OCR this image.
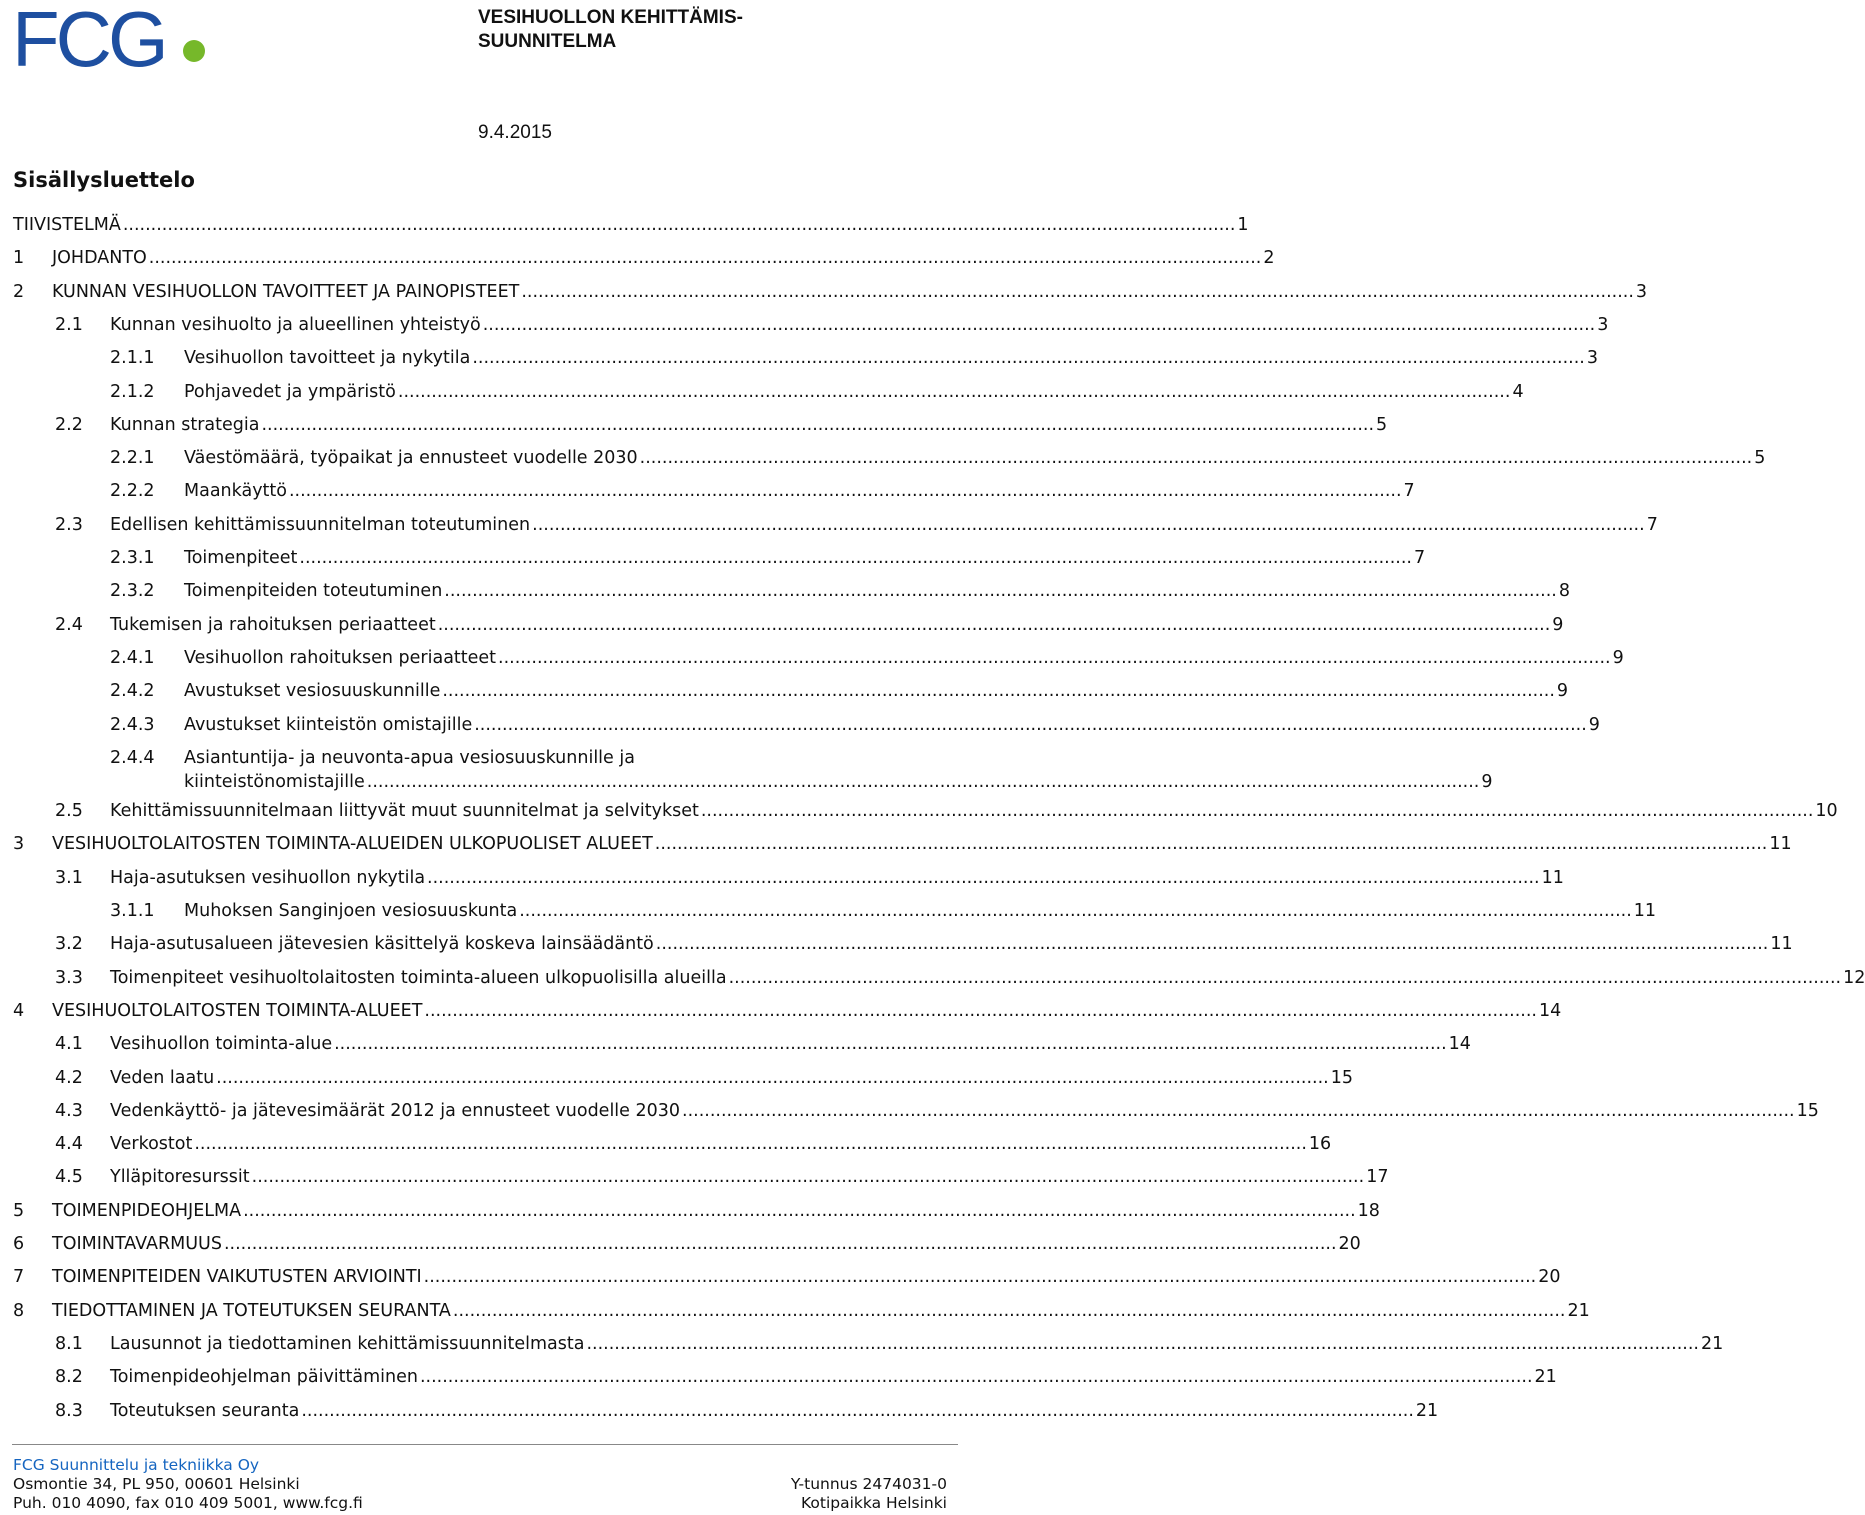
FCG	VESIHUOLLON KEHITTÄMIS-
SUUNNITELMA
9.4.2015
Sisällysluettelo
TIIVISTELMÄ ........................................................................................................................................................................................................ 1
1 JOHDANTO ........................................................................................................................................................................................................ 2
2 KUNNAN VESIHUOLLON TAVOITTEET JA PAINOPISTEET ........................................................................................................................................................................................................ 3
2.1 Kunnan vesihuolto ja alueellinen yhteistyö ........................................................................................................................................................................................................ 3
2.1.1 Vesihuollon tavoitteet ja nykytila ........................................................................................................................................................................................................ 3
2.1.2 Pohjavedet ja ympäristö ........................................................................................................................................................................................................ 4
2.2 Kunnan strategia ........................................................................................................................................................................................................ 5
2.2.1 Väestömäärä, työpaikat ja ennusteet vuodelle 2030 ........................................................................................................................................................................................................ 5
2.2.2 Maankäyttö ........................................................................................................................................................................................................ 7
2.3 Edellisen kehittämissuunnitelman toteutuminen ........................................................................................................................................................................................................ 7
2.3.1 Toimenpiteet ........................................................................................................................................................................................................ 7
2.3.2 Toimenpiteiden toteutuminen ........................................................................................................................................................................................................ 8
2.4 Tukemisen ja rahoituksen periaatteet ........................................................................................................................................................................................................ 9
2.4.1 Vesihuollon rahoituksen periaatteet ........................................................................................................................................................................................................ 9
2.4.2 Avustukset vesiosuuskunnille ........................................................................................................................................................................................................ 9
2.4.3 Avustukset kiinteistön omistajille ........................................................................................................................................................................................................ 9
2.4.4 Asiantuntija- ja neuvonta-apua vesiosuuskunnille ja
kiinteistönomistajille ........................................................................................................................................................................................................ 9
2.5 Kehittämissuunnitelmaan liittyvät muut suunnitelmat ja selvitykset ........................................................................................................................................................................................................ 10
3 VESIHUOLTOLAITOSTEN TOIMINTA-ALUEIDEN ULKOPUOLISET ALUEET ........................................................................................................................................................................................................ 11
3.1 Haja-asutuksen vesihuollon nykytila ........................................................................................................................................................................................................ 11
3.1.1 Muhoksen Sanginjoen vesiosuuskunta ........................................................................................................................................................................................................ 11
3.2 Haja-asutusalueen jätevesien käsittelyä koskeva lainsäädäntö ........................................................................................................................................................................................................ 11
3.3 Toimenpiteet vesihuoltolaitosten toiminta-alueen ulkopuolisilla alueilla ........................................................................................................................................................................................................ 12
4 VESIHUOLTOLAITOSTEN TOIMINTA-ALUEET ........................................................................................................................................................................................................ 14
4.1 Vesihuollon toiminta-alue ........................................................................................................................................................................................................ 14
4.2 Veden laatu ........................................................................................................................................................................................................ 15
4.3 Vedenkäyttö- ja jätevesimäärät 2012 ja ennusteet vuodelle 2030 ........................................................................................................................................................................................................ 15
4.4 Verkostot ........................................................................................................................................................................................................ 16
4.5 Ylläpitoresurssit ........................................................................................................................................................................................................ 17
5 TOIMENPIDEOHJELMA ........................................................................................................................................................................................................ 18
6 TOIMINTAVARMUUS ........................................................................................................................................................................................................ 20
7 TOIMENPITEIDEN VAIKUTUSTEN ARVIOINTI ........................................................................................................................................................................................................ 20
8 TIEDOTTAMINEN JA TOTEUTUKSEN SEURANTA ........................................................................................................................................................................................................ 21
8.1 Lausunnot ja tiedottaminen kehittämissuunnitelmasta ........................................................................................................................................................................................................ 21
8.2 Toimenpideohjelman päivittäminen ........................................................................................................................................................................................................ 21
8.3 Toteutuksen seuranta ........................................................................................................................................................................................................ 21
FCG Suunnittelu ja tekniikka Oy
Osmontie 34, PL 950, 00601 Helsinki
Puh. 010 4090, fax 010 409 5001, www.fcg.fi
Y-tunnus 2474031-0
Kotipaikka Helsinki
